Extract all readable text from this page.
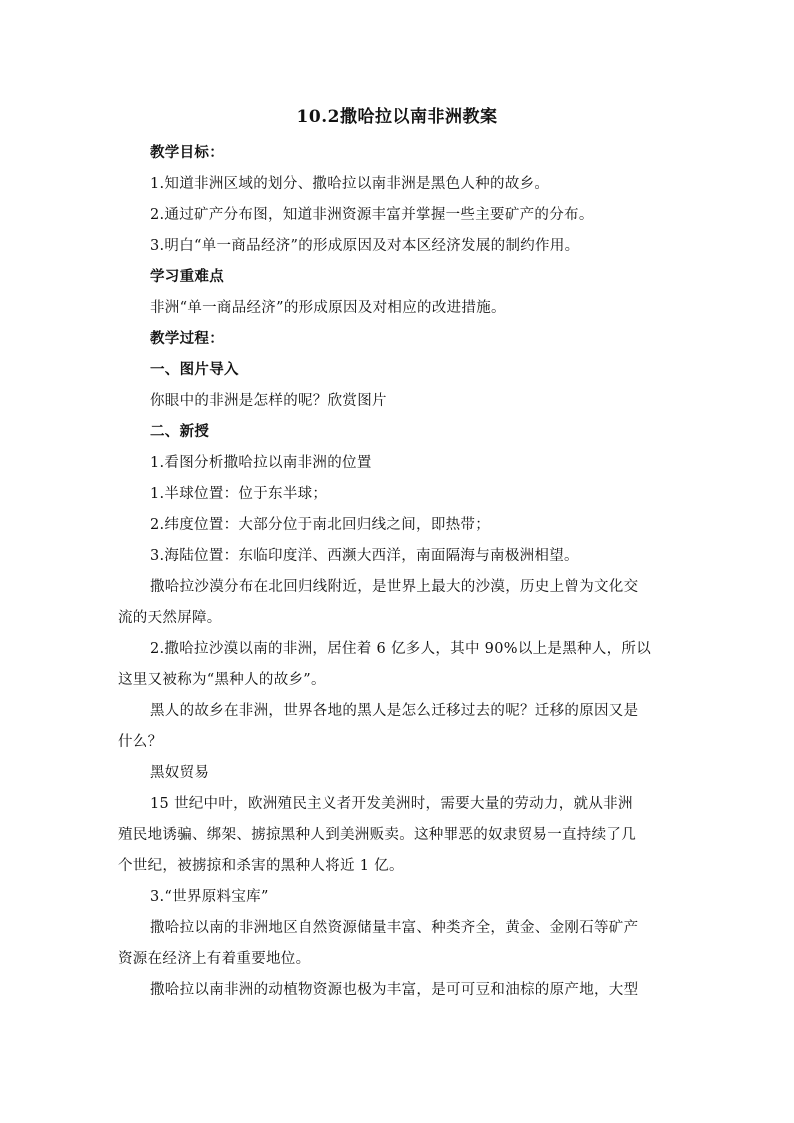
10.2撒哈拉以南非洲教案
教学目标：
1.知道非洲区域的划分、撒哈拉以南非洲是黑色人种的故乡。
2.通过矿产分布图，知道非洲资源丰富并掌握一些主要矿产的分布。
3.明白“单一商品经济”的形成原因及对本区经济发展的制约作用。
学习重难点
非洲“单一商品经济”的形成原因及对相应的改进措施。
教学过程：
一、图片导入
你眼中的非洲是怎样的呢？欣赏图片
二、新授
1.看图分析撒哈拉以南非洲的位置
1.半球位置：位于东半球；
2.纬度位置：大部分位于南北回归线之间，即热带；
3.海陆位置：东临印度洋、西濒大西洋，南面隔海与南极洲相望。
撒哈拉沙漠分布在北回归线附近，是世界上最大的沙漠，历史上曾为文化交
流的天然屏障。
2.撒哈拉沙漠以南的非洲，居住着 6 亿多人，其中 90%以上是黑种人，所以
这里又被称为“黑种人的故乡”。
黑人的故乡在非洲，世界各地的黑人是怎么迁移过去的呢？迁移的原因又是
什么？
黑奴贸易
15 世纪中叶，欧洲殖民主义者开发美洲时，需要大量的劳动力，就从非洲
殖民地诱骗、绑架、掳掠黑种人到美洲贩卖。这种罪恶的奴隶贸易一直持续了几
个世纪，被掳掠和杀害的黑种人将近 1 亿。
3.“世界原料宝库”
撒哈拉以南的非洲地区自然资源储量丰富、种类齐全，黄金、金刚石等矿产
资源在经济上有着重要地位。
撒哈拉以南非洲的动植物资源也极为丰富，是可可豆和油棕的原产地，大型
